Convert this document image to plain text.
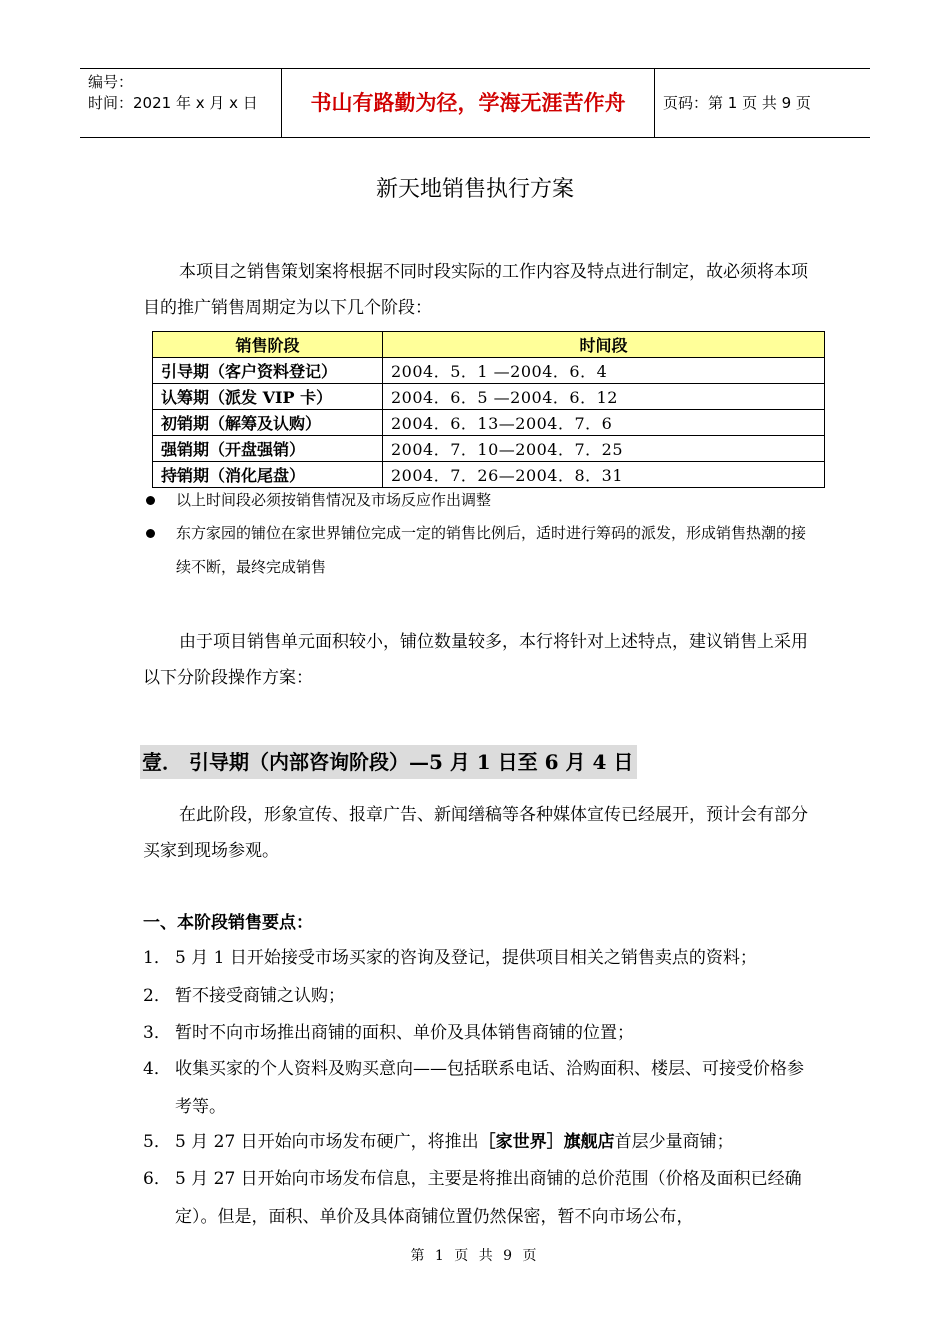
编号：
时间：2021 年 x 月 x 日	书山有路勤为径，学海无涯苦作舟	页码：第 1 页 共 9 页
新天地销售执行方案
本项目之销售策划案将根据不同时段实际的工作内容及特点进行制定，故必须将本项目的推广销售周期定为以下几个阶段：
销售阶段	时间段
引导期（客户资料登记）	2004．5．1 —2004．6．4
认筹期（派发 VIP 卡）	2004．6．5 —2004．6．12
初销期（解筹及认购）	2004．6．13—2004．7．6
强销期（开盘强销）	2004．7．10—2004．7．25
持销期（消化尾盘）	2004．7．26—2004．8．31
以上时间段必须按销售情况及市场反应作出调整
东方家园的铺位在家世界铺位完成一定的销售比例后，适时进行筹码的派发，形成销售热潮的接续不断，最终完成销售
由于项目销售单元面积较小，铺位数量较多，本行将针对上述特点，建议销售上采用以下分阶段操作方案：
壹． 引导期（内部咨询阶段）—5 月 1 日至 6 月 4 日
在此阶段，形象宣传、报章广告、新闻缮稿等各种媒体宣传已经展开，预计会有部分买家到现场参观。
一、本阶段销售要点：
1． 5 月 1 日开始接受市场买家的咨询及登记，提供项目相关之销售卖点的资料；
2． 暂不接受商铺之认购；
3． 暂时不向市场推出商铺的面积、单价及具体销售商铺的位置；
4． 收集买家的个人资料及购买意向——包括联系电话、洽购面积、楼层、可接受价格参考等。
5． 5 月 27 日开始向市场发布硬广，将推出［家世界］旗舰店首层少量商铺；
6． 5 月 27 日开始向市场发布信息，主要是将推出商铺的总价范围（价格及面积已经确定）。但是，面积、单价及具体商铺位置仍然保密，暂不向市场公布，
第 1 页 共 9 页
